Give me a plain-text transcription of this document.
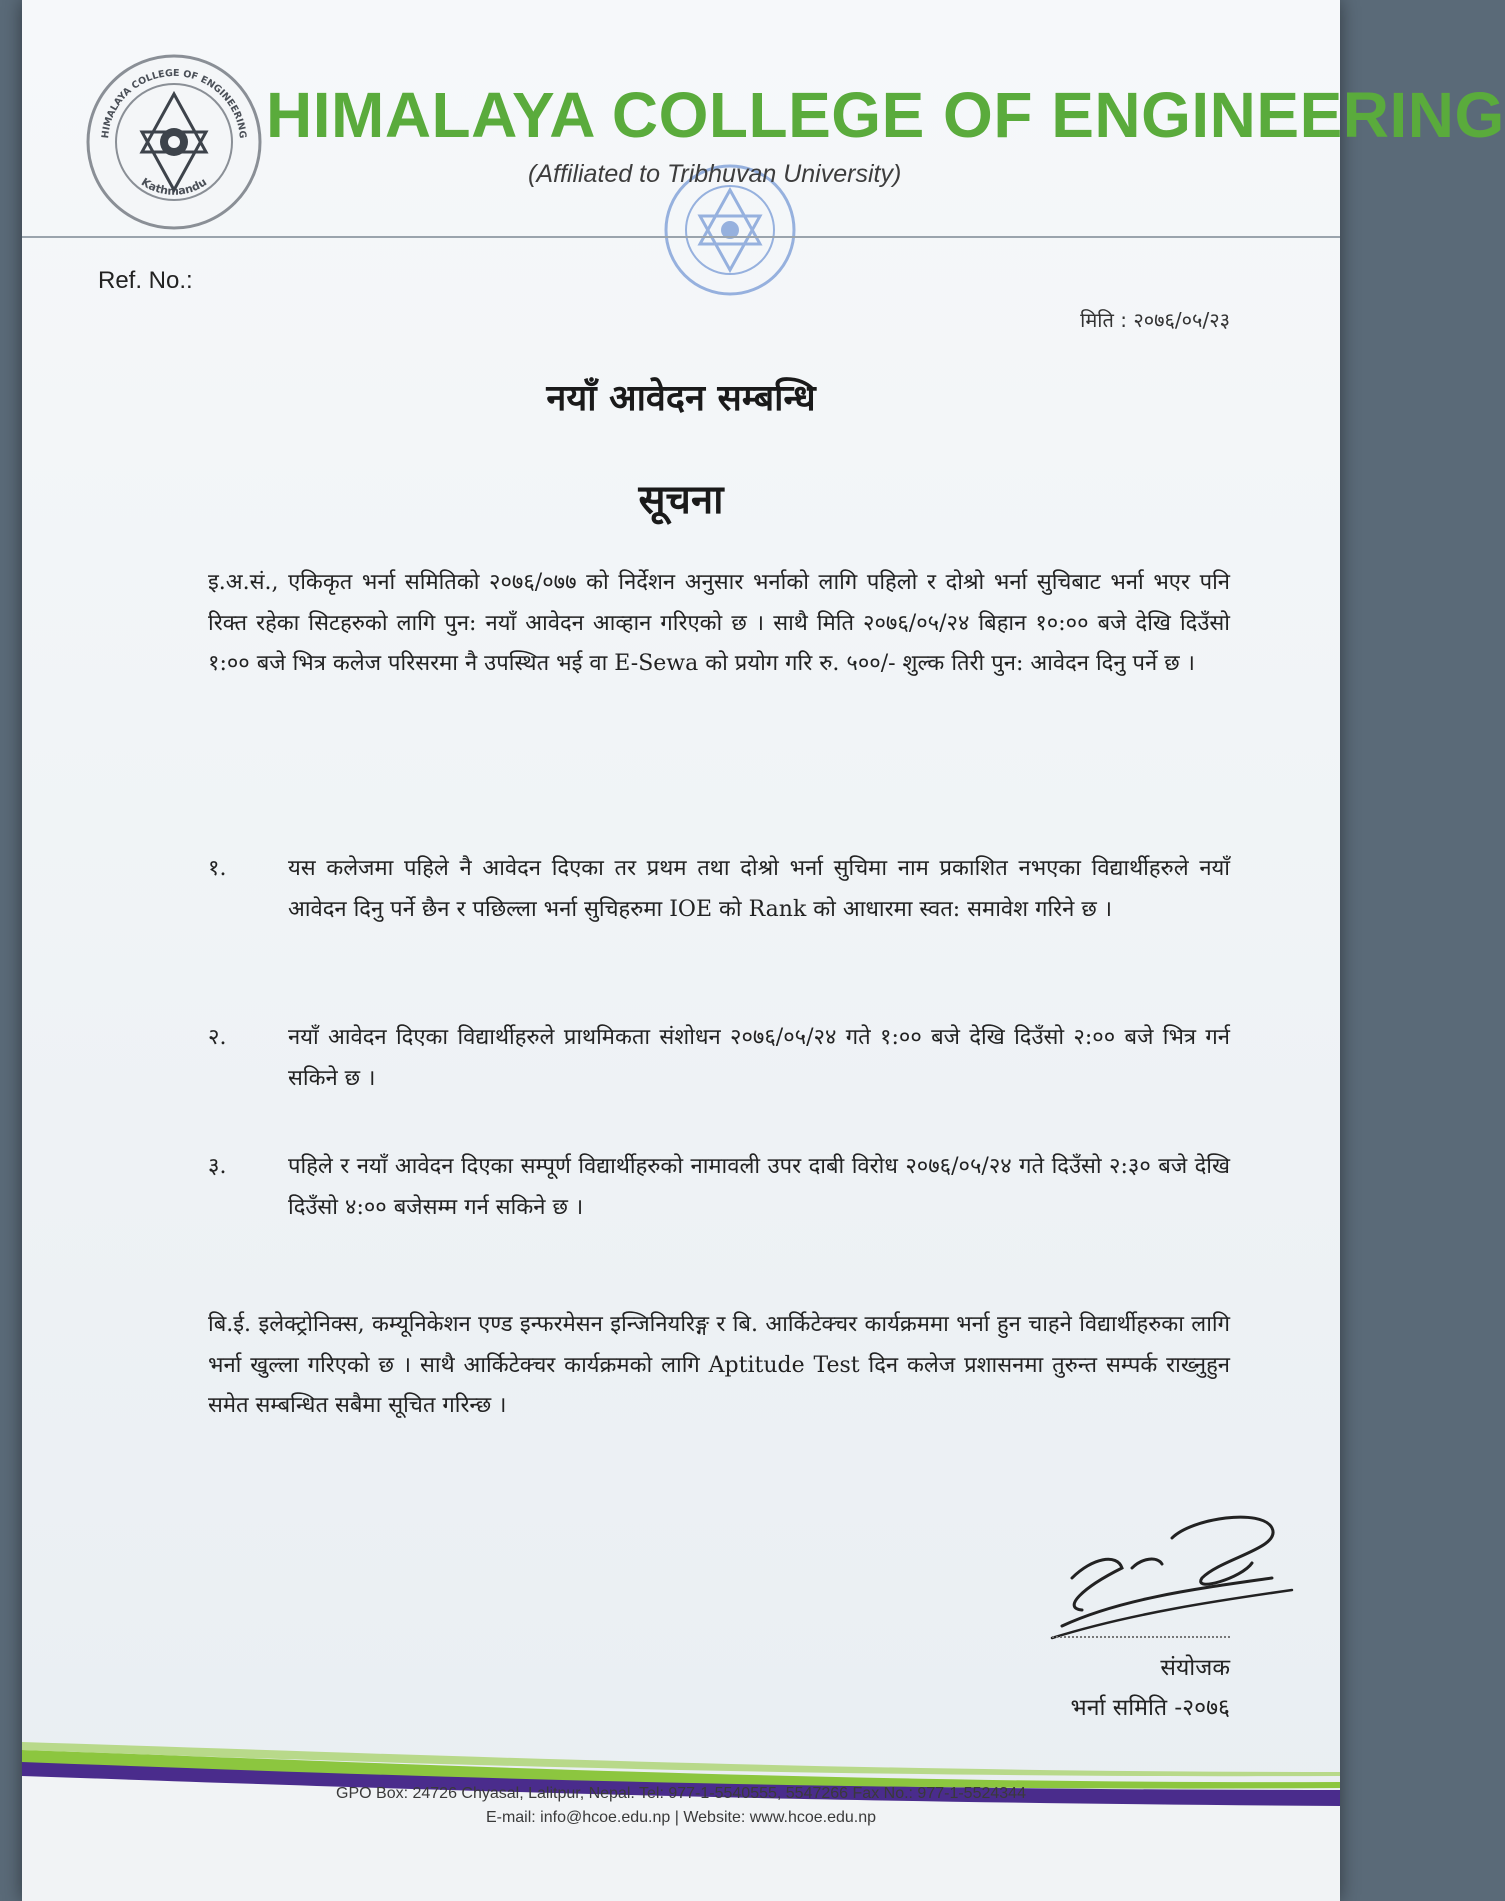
HIMALAYA COLLEGE OF ENGINEERING
Kathmandu
HIMALAYA COLLEGE OF ENGINEERING
(Affiliated to Tribhuvan University)
Ref. No.:
मिति : २०७६/०५/२३
नयाँ आवेदन सम्बन्धि
सूचना
इ.अ.सं., एकिकृत भर्ना समितिको २०७६/०७७ को निर्देशन अनुसार भर्नाको लागि पहिलो र दोश्रो भर्ना सुचिबाट भर्ना भएर पनि रिक्त रहेका सिटहरुको लागि पुन: नयाँ आवेदन आव्हान गरिएको छ । साथै मिति २०७६/०५/२४ बिहान १०:०० बजे देखि दिउँसो १:०० बजे भित्र कलेज परिसरमा नै उपस्थित भई वा E-Sewa को प्रयोग गरि रु. ५००/- शुल्क तिरी पुन: आवेदन दिनु पर्ने छ ।
१.	यस कलेजमा पहिले नै आवेदन दिएका तर प्रथम तथा दोश्रो भर्ना सुचिमा नाम प्रकाशित नभएका विद्यार्थीहरुले नयाँ आवेदन दिनु पर्ने छैन र पछिल्ला भर्ना सुचिहरुमा IOE को Rank को आधारमा स्वत: समावेश गरिने छ ।
२.	नयाँ आवेदन दिएका विद्यार्थीहरुले प्राथमिकता संशोधन २०७६/०५/२४ गते १:०० बजे देखि दिउँसो २:०० बजे भित्र गर्न सकिने छ ।
३.	पहिले र नयाँ आवेदन दिएका सम्पूर्ण विद्यार्थीहरुको नामावली उपर दाबी विरोध २०७६/०५/२४ गते दिउँसो २:३० बजे देखि दिउँसो ४:०० बजेसम्म गर्न सकिने छ ।
बि.ई. इलेक्ट्रोनिक्स, कम्यूनिकेशन एण्ड इन्फरमेसन इन्जिनियरिङ्ग र बि. आर्किटेक्चर कार्यक्रममा भर्ना हुन चाहने विद्यार्थीहरुका लागि भर्ना खुल्ला गरिएको छ । साथै आर्किटेक्चर कार्यक्रमको लागि Aptitude Test दिन कलेज प्रशासनमा तुरुन्त सम्पर्क राख्नुहुन समेत सम्बन्धित सबैमा सूचित गरिन्छ ।
संयोजक
भर्ना समिति -२०७६
GPO Box: 24726 Chyasal, Lalitpur, Nepal. Tel: 977-1-5540555, 5547266 Fax No.: 977-1-5524344
E-mail: info@hcoe.edu.np | Website: www.hcoe.edu.np
